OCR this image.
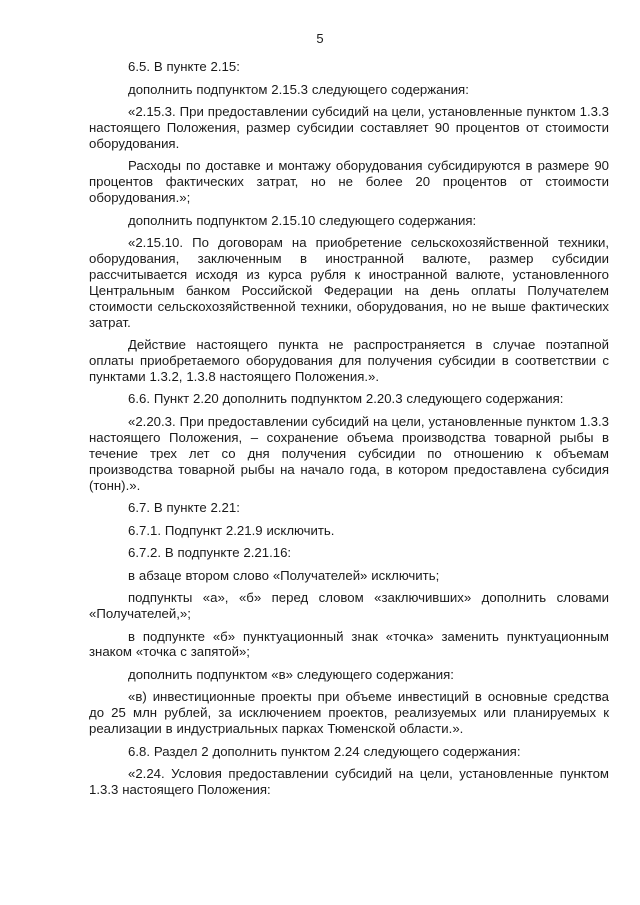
5

6.5. В пункте 2.15:

дополнить подпунктом 2.15.3 следующего содержания:

«2.15.3. При предоставлении субсидий на цели, установленные пунктом 1.3.3 настоящего Положения, размер субсидии составляет 90 процентов от стоимости оборудования.

Расходы по доставке и монтажу оборудования субсидируются в размере 90 процентов фактических затрат, но не более 20 процентов от стоимости оборудования.»;

дополнить подпунктом 2.15.10 следующего содержания:

«2.15.10. По договорам на приобретение сельскохозяйственной техники, оборудования, заключенным в иностранной валюте, размер субсидии рассчитывается исходя из курса рубля к иностранной валюте, установленного Центральным банком Российской Федерации на день оплаты Получателем стоимости сельскохозяйственной техники, оборудования, но не выше фактических затрат.

Действие настоящего пункта не распространяется в случае поэтапной оплаты приобретаемого оборудования для получения субсидии в соответствии с пунктами 1.3.2, 1.3.8 настоящего Положения.».

6.6. Пункт 2.20 дополнить подпунктом 2.20.3 следующего содержания:

«2.20.3. При предоставлении субсидий на цели, установленные пунктом 1.3.3 настоящего Положения, – сохранение объема производства товарной рыбы в течение трех лет со дня получения субсидии по отношению к объемам производства товарной рыбы на начало года, в котором предоставлена субсидия (тонн).».

6.7. В пункте 2.21:

6.7.1. Подпункт 2.21.9 исключить.

6.7.2. В подпункте 2.21.16:

в абзаце втором слово «Получателей» исключить;

подпункты «а», «б» перед словом «заключивших» дополнить словами «Получателей,»;

в подпункте «б» пунктуационный знак «точка» заменить пунктуационным знаком «точка с запятой»;

дополнить подпунктом «в» следующего содержания:

«в) инвестиционные проекты при объеме инвестиций в основные средства до 25 млн рублей, за исключением проектов, реализуемых или планируемых к реализации в индустриальных парках Тюменской области.».

6.8. Раздел 2 дополнить пунктом 2.24 следующего содержания:

«2.24. Условия предоставлении субсидий на цели, установленные пунктом 1.3.3 настоящего Положения:
